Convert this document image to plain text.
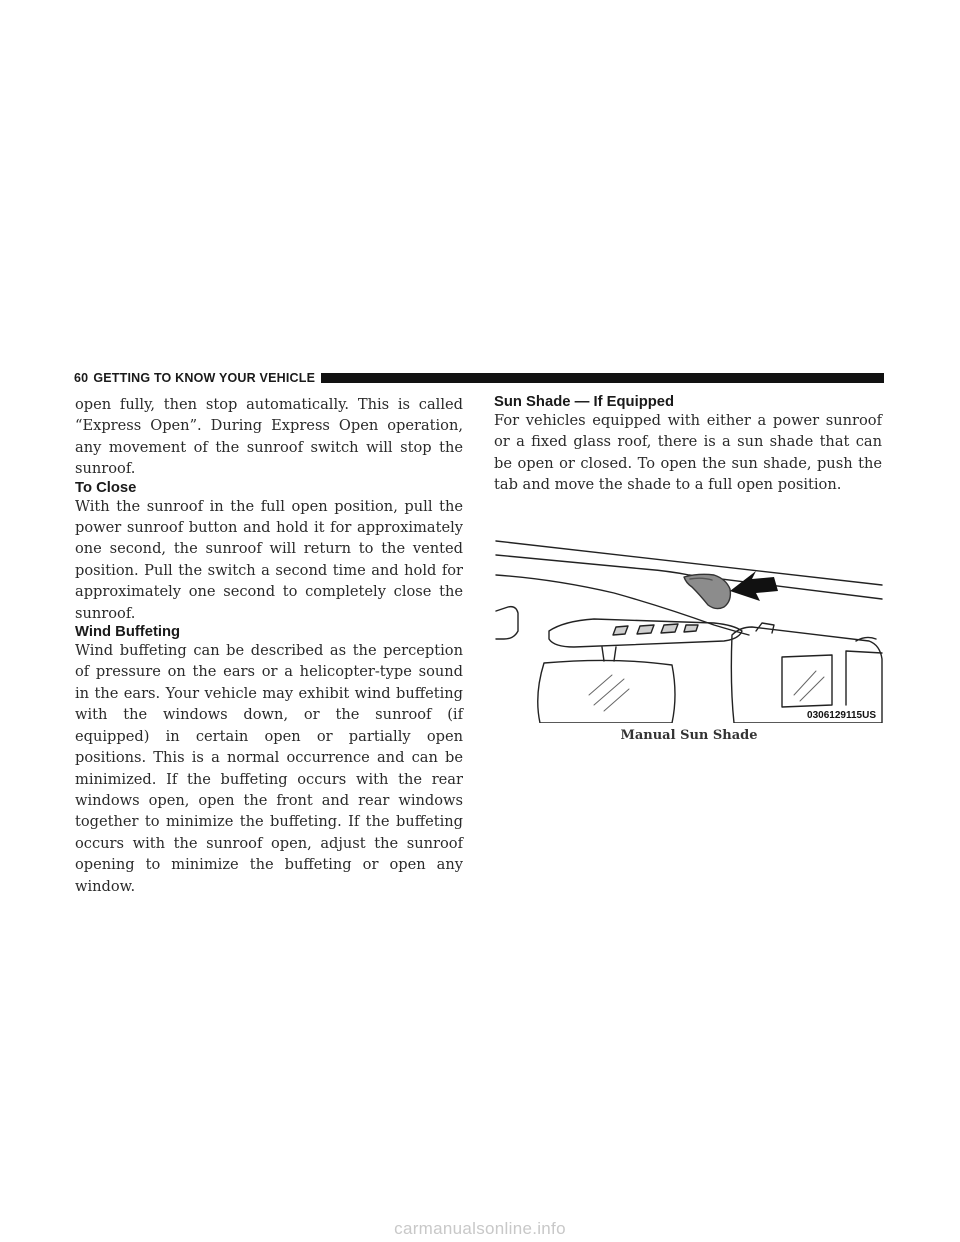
60 GETTING TO KNOW YOUR VEHICLE

open fully, then stop automatically. This is called “Express Open”. During Express Open operation, any movement of the sunroof switch will stop the sunroof.

To Close

With the sunroof in the full open position, pull the power sunroof button and hold it for approximately one second, the sunroof will return to the vented position. Pull the switch a second time and hold for approximately one second to completely close the sunroof.

Wind Buffeting

Wind buffeting can be described as the perception of pressure on the ears or a helicopter-type sound in the ears. Your vehicle may exhibit wind buffeting with the windows down, or the sunroof (if equipped) in certain open or partially open positions. This is a normal occurrence and can be minimized. If the buffeting occurs with the rear windows open, open the front and rear windows together to minimize the buffeting. If the buffeting occurs with the sunroof open, adjust the sunroof opening to minimize the buffeting or open any window.

Sun Shade — If Equipped

For vehicles equipped with either a power sunroof or a fixed glass roof, there is a sun shade that can be open or closed. To open the sun shade, push the tab and move the shade to a full open position.

0306129115US
Manual Sun Shade
carmanualsonline.info
